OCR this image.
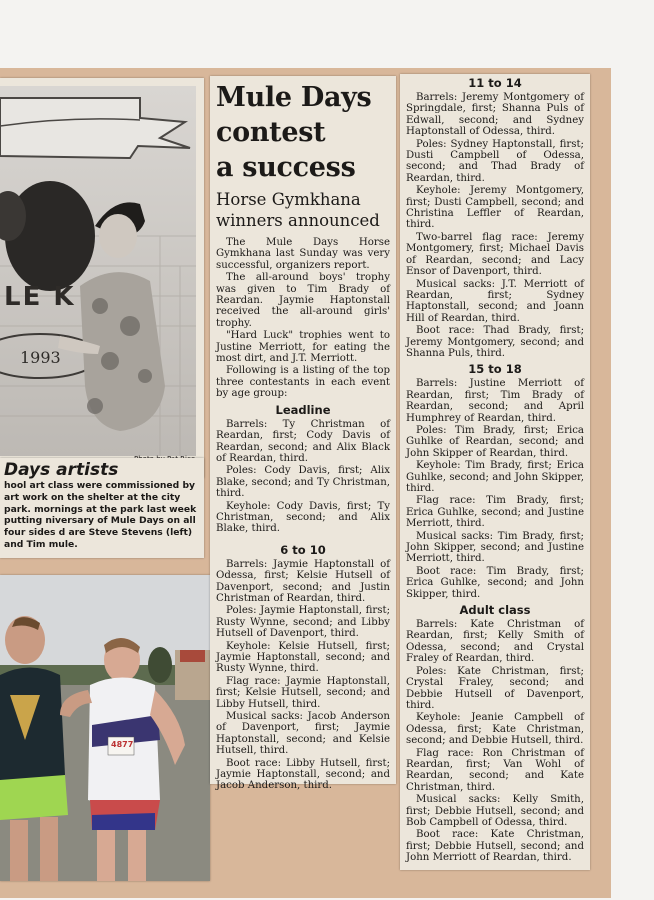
LE K
1993

Days artists

hool art class were commissioned by art work on the shelter at the city park. mornings at the park last week putting niversary of Mule Days on all four sides d are Steve Stevens (left) and Tim mule.

4877
Mule Days
contest
a success
Horse Gymkhana
winners announced

The Mule Days Horse Gymkhana last Sunday was very successful, organizers report.

The all-around boys' trophy was given to Tim Brady of Reardan. Jaymie Haptonstall received the all-around girls' trophy.

"Hard Luck" trophies went to Justine Merriott, for eating the most dirt, and J.T. Merriott.

Following is a listing of the top three contestants in each event by age group:

Leadline

Barrels: Ty Christman of Reardan, first; Cody Davis of Reardan, second; and Alix Black of Reardan, third.

Poles: Cody Davis, first; Alix Blake, second; and Ty Christman, third.

Keyhole: Cody Davis, first; Ty Christman, second; and Alix Blake, third.

6 to 10

Barrels: Jaymie Haptonstall of Odessa, first; Kelsie Hutsell of Davenport, second; and Justin Christman of Reardan, third.

Poles: Jaymie Haptonstall, first; Rusty Wynne, second; and Libby Hutsell of Davenport, third.

Keyhole: Kelsie Hutsell, first; Jaymie Haptonstall, second; and Rusty Wynne, third.

Flag race: Jaymie Haptonstall, first; Kelsie Hutsell, second; and Libby Hutsell, third.

Musical sacks: Jacob Anderson of Davenport, first; Jaymie Haptonstall, second; and Kelsie Hutsell, third.

Boot race: Libby Hutsell, first; Jaymie Haptonstall, second; and Jacob Anderson, third.

11 to 14

Barrels: Jeremy Montgomery of Springdale, first; Shanna Puls of Edwall, second; and Sydney Haptonstall of Odessa, third.

Poles: Sydney Haptonstall, first; Dusti Campbell of Odessa, second; and Thad Brady of Reardan, third.

Keyhole: Jeremy Montgomery, first; Dusti Campbell, second; and Christina Leffler of Reardan, third.

Two-barrel flag race: Jeremy Montgomery, first; Michael Davis of Reardan, second; and Lacy Ensor of Davenport, third.

Musical sacks: J.T. Merriott of Reardan, first; Sydney Haptonstall, second; and Joann Hill of Reardan, third.

Boot race: Thad Brady, first; Jeremy Montgomery, second; and Shanna Puls, third.

15 to 18

Barrels: Justine Merriott of Reardan, first; Tim Brady of Reardan, second; and April Humphrey of Reardan, third.

Poles: Tim Brady, first; Erica Guhlke of Reardan, second; and John Skipper of Reardan, third.

Keyhole: Tim Brady, first; Erica Guhlke, second; and John Skipper, third.

Flag race: Tim Brady, first; Erica Guhlke, second; and Justine Merriott, third.

Musical sacks: Tim Brady, first; John Skipper, second; and Justine Merriott, third.

Boot race: Tim Brady, first; Erica Guhlke, second; and John Skipper, third.

Adult class

Barrels: Kate Christman of Reardan, first; Kelly Smith of Odessa, second; and Crystal Fraley of Reardan, third.

Poles: Kate Christman, first; Crystal Fraley, second; and Debbie Hutsell of Davenport, third.

Keyhole: Jeanie Campbell of Odessa, first; Kate Christman, second; and Debbie Hutsell, third.

Flag race: Ron Christman of Reardan, first; Van Wohl of Reardan, second; and Kate Christman, third.

Musical sacks: Kelly Smith, first; Debbie Hutsell, second; and Bob Campbell of Odessa, third.

Boot race: Kate Christman, first; Debbie Hutsell, second; and John Merriott of Reardan, third.
